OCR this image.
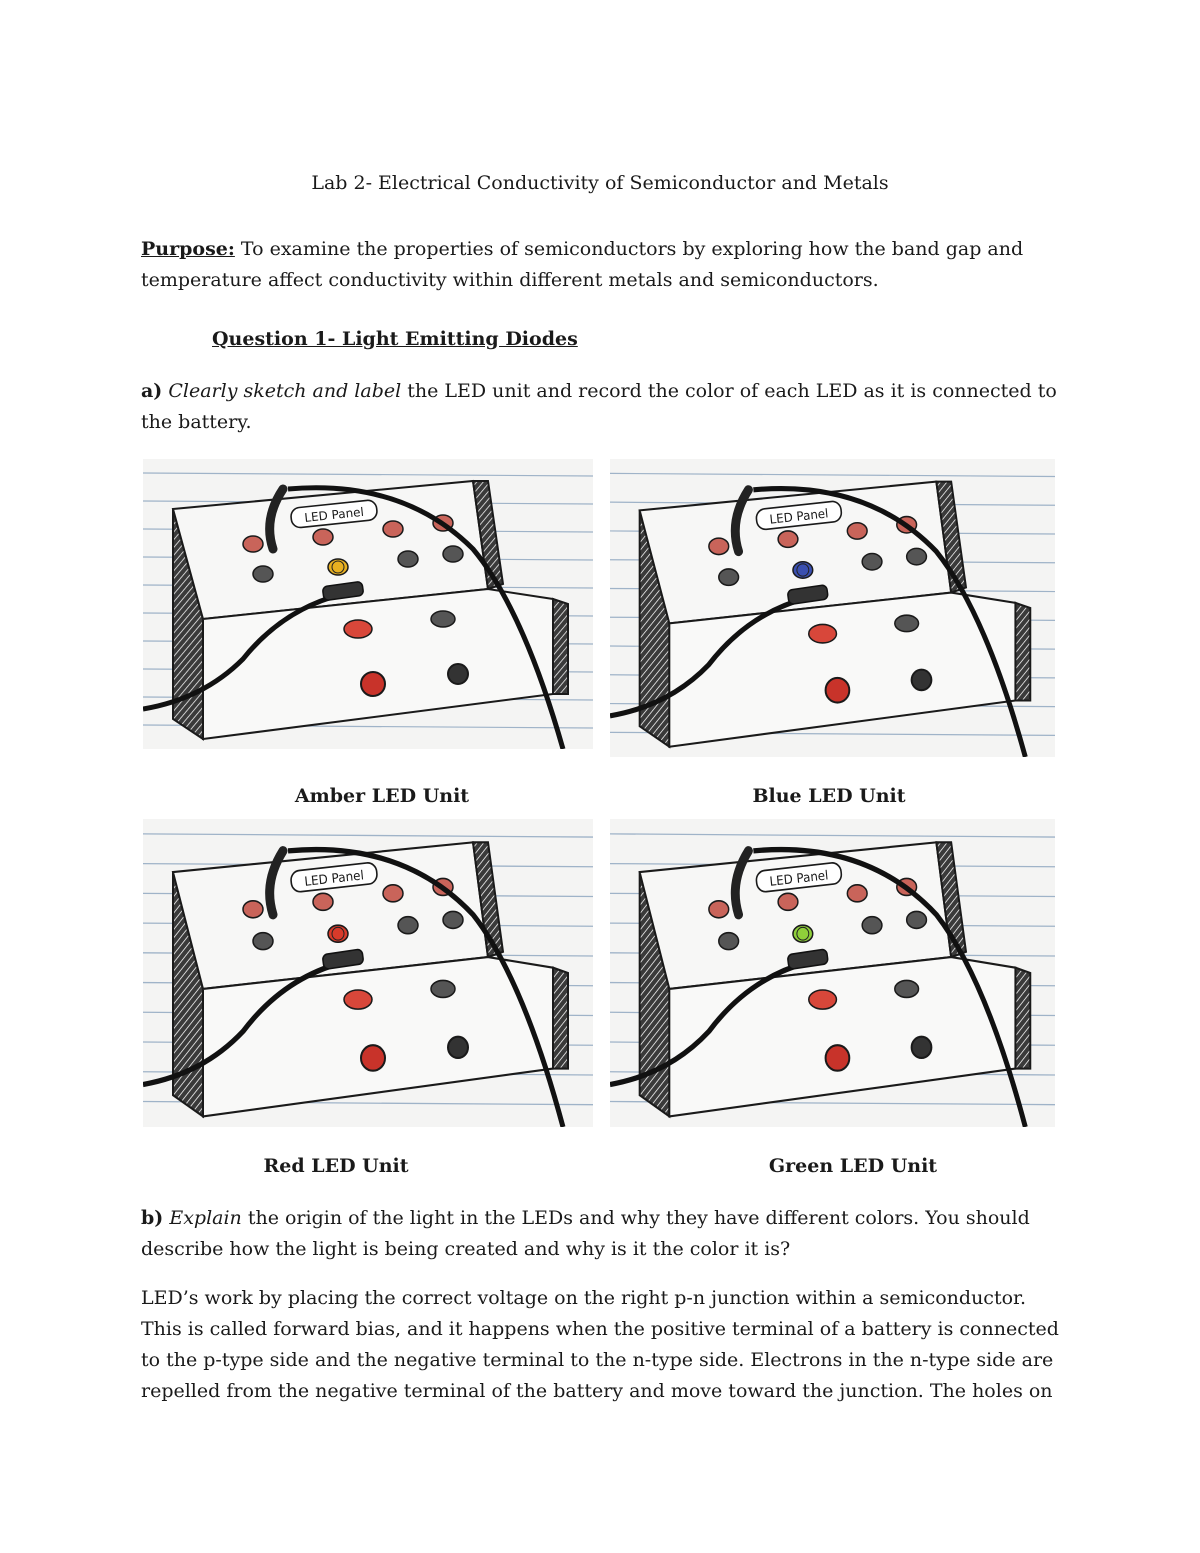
Lab 2- Electrical Conductivity of Semiconductor and Metals

Purpose: To examine the properties of semiconductors by exploring how the band gap and temperature affect conductivity within different metals and semiconductors.

Question 1- Light Emitting Diodes

a) Clearly sketch and label the LED unit and record the color of each LED as it is connected to the battery.

LED Panel	LED Panel
LED Panel	LED Panel
Amber LED Unit	Blue LED Unit
Red LED Unit	Green LED Unit

b) Explain the origin of the light in the LEDs and why they have different colors. You should describe how the light is being created and why is it the color it is?

LED’s work by placing the correct voltage on the right p-n junction within a semiconductor. This is called forward bias, and it happens when the positive terminal of a battery is connected to the p-type side and the negative terminal to the n-type side. Electrons in the n-type side are repelled from the negative terminal of the battery and move toward the junction. The holes on
